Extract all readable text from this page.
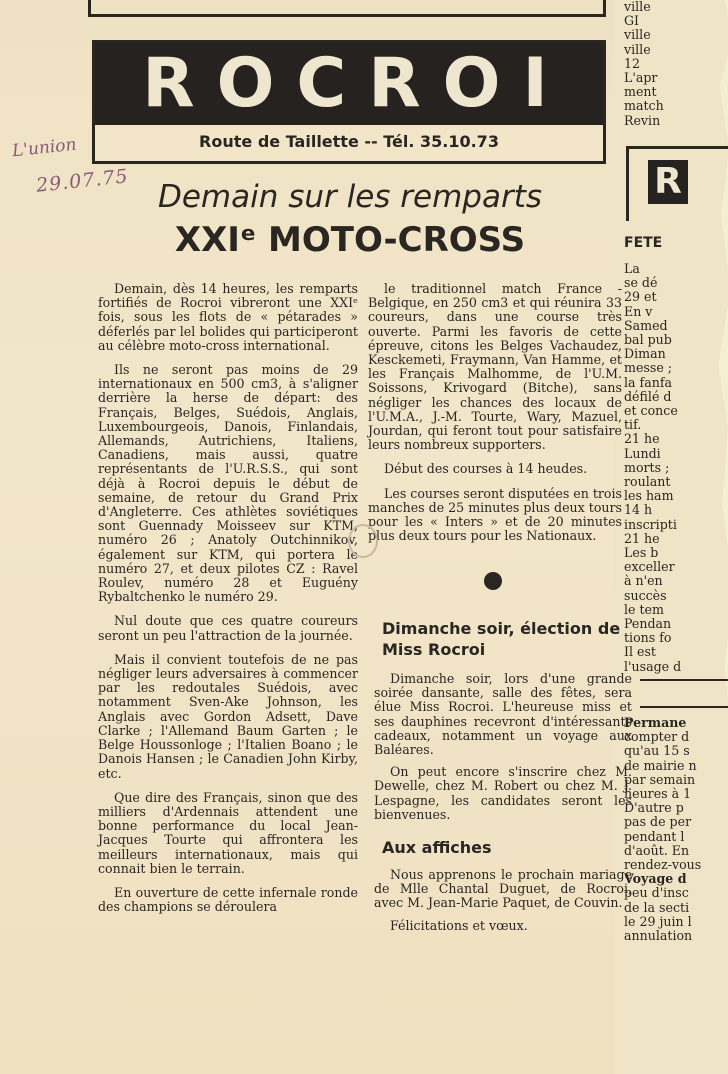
ROCROI
Route de Taillette -- Tél. 35.10.73
L'union
29.07.75 Demain sur les remparts
XXIᵉ MOTO-CROSS

Demain, dès 14 heures, les remparts fortifiés de Rocroi vibreront une XXIᵉ fois, sous les flots de « pétarades » déferlés par lel bolides qui participeront au célèbre moto-cross international.

Ils ne seront pas moins de 29 internationaux en 500 cm3, à s'aligner derrière la herse de départ: des Français, Belges, Suédois, Anglais, Luxembourgeois, Danois, Finlandais, Allemands, Autrichiens, Italiens, Canadiens, mais aussi, quatre représentants de l'U.R.S.S., qui sont déjà à Rocroi depuis le début de semaine, de retour du Grand Prix d'Angleterre. Ces athlètes soviétiques sont Guennady Moisseev sur KTM, numéro 26 ; Anatoly Outchinnikov, également sur KTM, qui portera le numéro 27, et deux pilotes CZ : Ravel Roulev, numéro 28 et Euguény Rybaltchenko le numéro 29.

Nul doute que ces quatre coureurs seront un peu l'attraction de la journée.

Mais il convient toutefois de ne pas négliger leurs adversaires à commencer par les redoutales Suédois, avec notamment Sven-Ake Johnson, les Anglais avec Gordon Adsett, Dave Clarke ; l'Allemand Baum Garten ; le Belge Houssonloge ; l'Italien Boano ; le Danois Hansen ; le Canadien John Kirby, etc.

Que dire des Français, sinon que des milliers d'Ardennais attendent une bonne performance du local Jean-Jacques Tourte qui affrontera les meilleurs internationaux, mais qui connait bien le terrain.

En ouverture de cette infernale ronde des champions se déroulera

le traditionnel match France - Belgique, en 250 cm3 et qui réunira 33 coureurs, dans une course très ouverte. Parmi les favoris de cette épreuve, citons les Belges Vachaudez, Kesckemeti, Fraymann, Van Hamme, et les Français Malhomme, de l'U.M. Soissons, Krivogard (Bitche), sans négliger les chances des locaux de l'U.M.A., J.-M. Tourte, Wary, Mazuel, Jourdan, qui feront tout pour satisfaire leurs nombreux supporters.

Début des courses à 14 heudes.

Les courses seront disputées en trois manches de 25 minutes plus deux tours pour les « Inters » et de 20 minutes plus deux tours pour les Nationaux.

Dimanche soir, élection de Miss Rocroi

Dimanche soir, lors d'une grande soirée dansante, salle des fêtes, sera élue Miss Rocroi. L'heureuse miss et ses dauphines recevront d'intéressants cadeaux, notamment un voyage aux Baléares.

On peut encore s'inscrire chez M. Dewelle, chez M. Robert ou chez M. J. Lespagne, les candidates seront les bienvenues.

Aux affiches

Nous apprenons le prochain mariage de Mlle Chantal Duguet, de Rocroi, avec M. Jean-Marie Paquet, de Couvin.

Félicitations et vœux.

ville
GI
ville
ville
12
L'apr
ment
match
Revin
R
FETE
La
se dé
29 et
En v
Samed
bal pub
Diman
messe ;
la fanfa
défilé d
et conce
tif.
21 he
Lundi
morts ;
roulant
les ham
14 h
inscripti
21 he
Les b
exceller
à n'en
succès
le tem
Pendan
tions fo
Il est
l'usage d
Permane
compter d
qu'au 15 s
de mairie n
par semain
heures à 1
D'autre p
pas de per
pendant l
d'août. En
rendez-vous
Voyage d
peu d'insc
de la secti
le 29 juin l
annulation
